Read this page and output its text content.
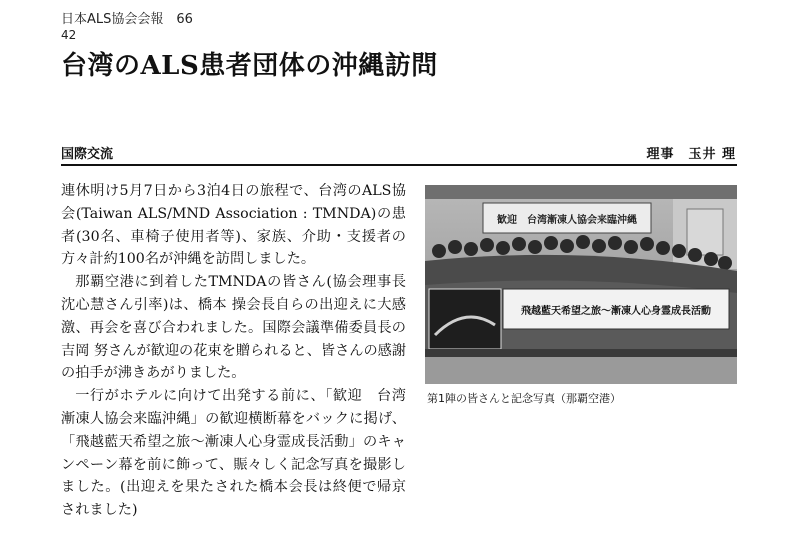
日本ALS協会会報　66
42
台湾のALS患者団体の沖縄訪問
国際交流	理事　玉井 理

連休明け5月7日から3泊4日の旅程で、台湾のALS協会(Taiwan ALS/MND Association : TMNDA)の患者(30名、車椅子使用者等)、家族、介助・支援者の方々計約100名が沖縄を訪問しました。

那覇空港に到着したTMNDAの皆さん(協会理事長沈心慧さん引率)は、橋本 操会長自らの出迎えに大感激、再会を喜び合われました。国際会議準備委員長の吉岡 努さんが歓迎の花束を贈られると、皆さんの感謝の拍手が沸きあがりました。

一行がホテルに向けて出発する前に、「歓迎　台湾漸凍人協会来臨沖縄」の歓迎横断幕をバックに掲げ、「飛越藍天希望之旅～漸凍人心身霊成長活動」のキャンペーン幕を前に飾って、賑々しく記念写真を撮影しました。(出迎えを果たされた橋本会長は終便で帰京されました)

歓迎　台湾漸凍人協会来臨沖縄
飛越藍天希望之旅～漸凍人心身霊成長活動
第1陣の皆さんと記念写真（那覇空港）
